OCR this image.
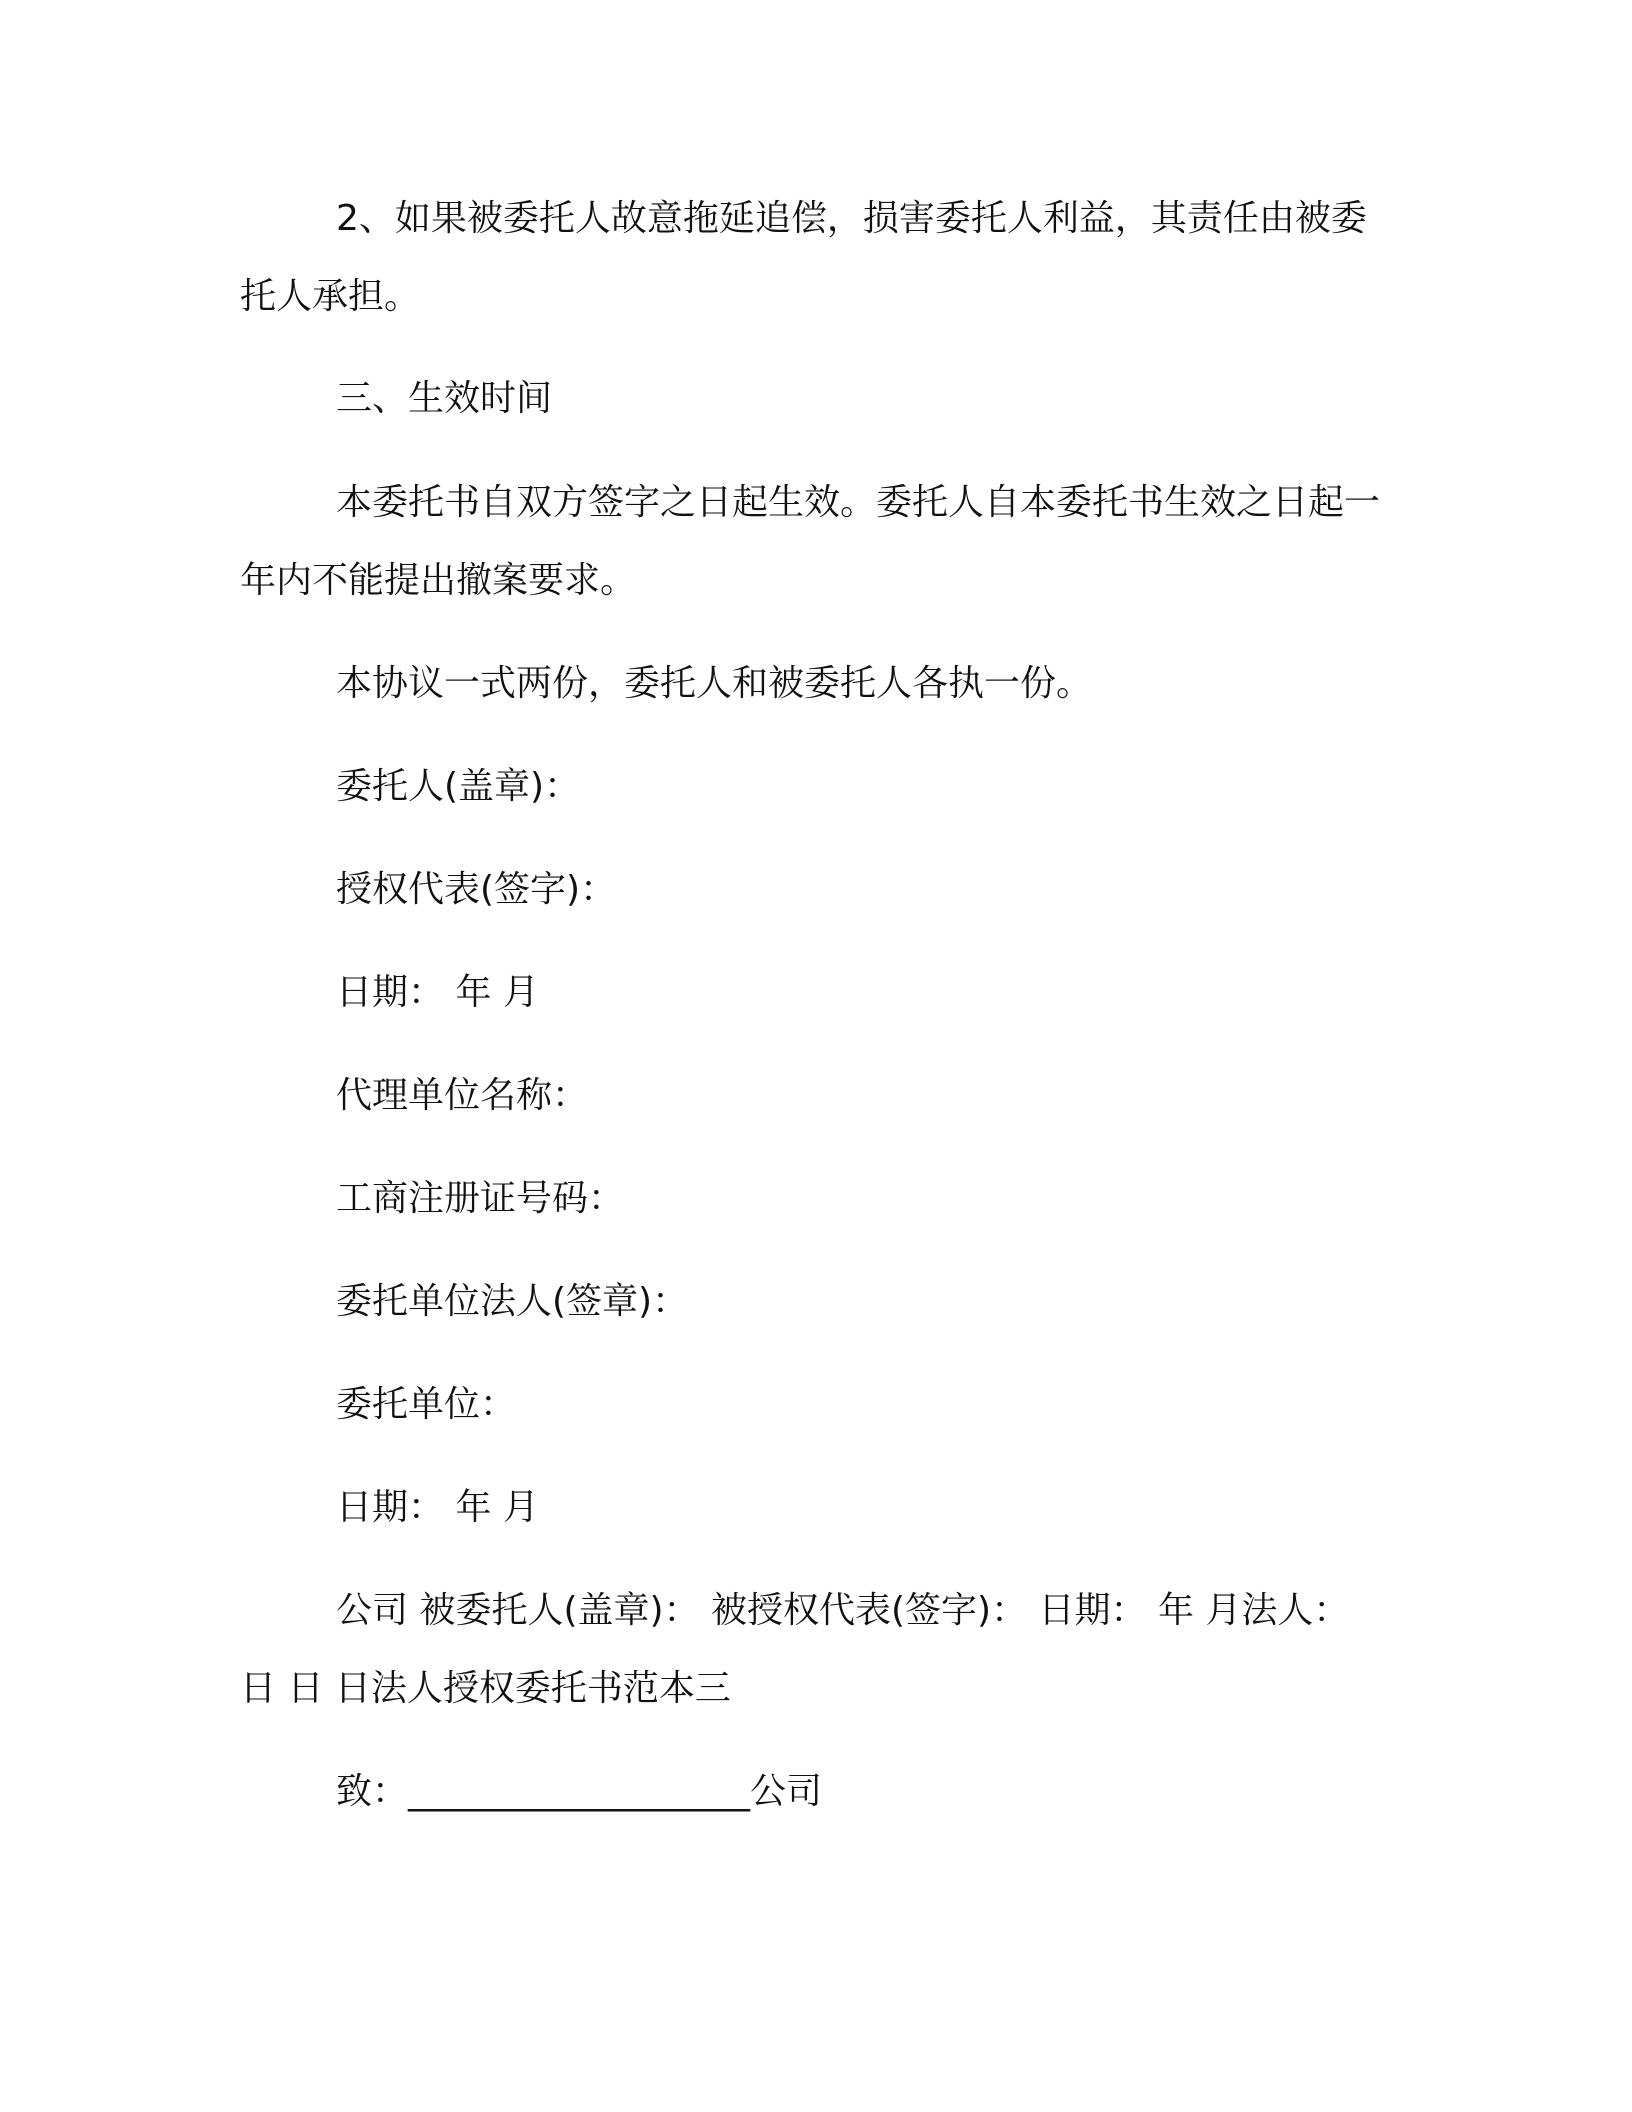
2、如果被委托人故意拖延追偿，损害委托人利益，其责任由被委托人承担。
三、生效时间
本委托书自双方签字之日起生效。委托人自本委托书生效之日起一年内不能提出撤案要求。
本协议一式两份，委托人和被委托人各执一份。
委托人(盖章)：
授权代表(签字)：
日期： 年 月
代理单位名称：
工商注册证号码：
委托单位法人(签章)：
委托单位：
日期： 年 月
公司 被委托人(盖章)： 被授权代表(签字)： 日期： 年 月法人：日 日 日法人授权委托书范本三
致：___________________公司
